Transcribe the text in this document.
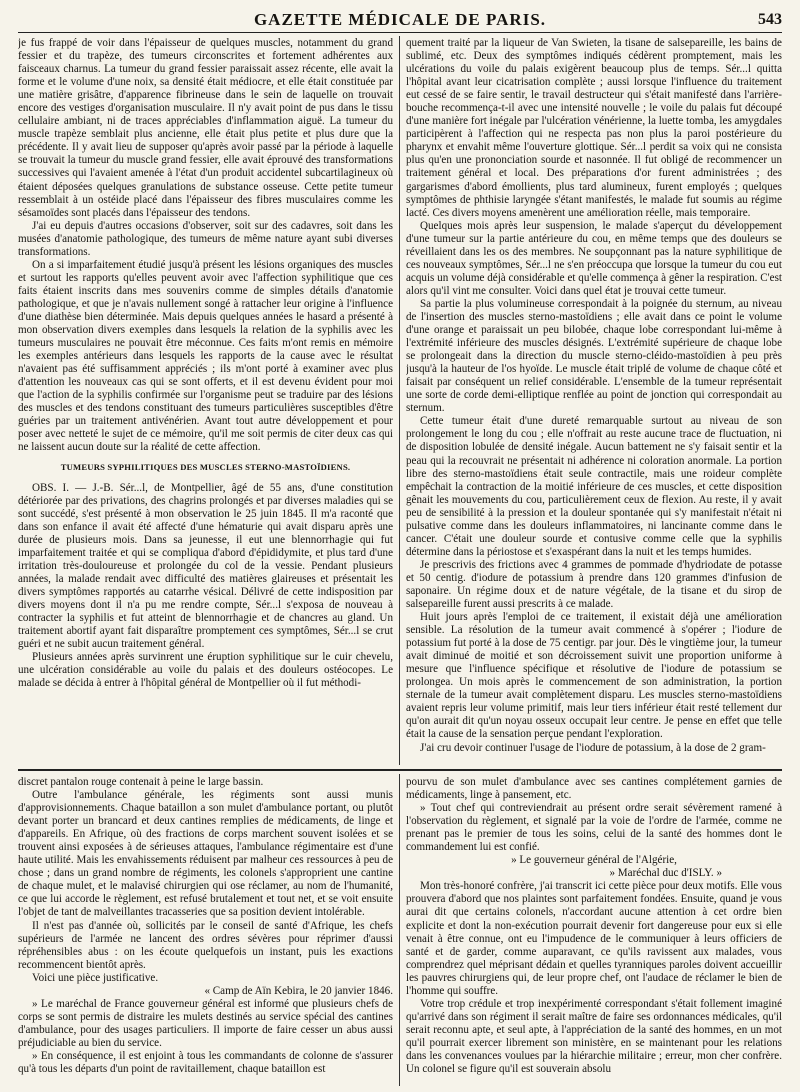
GAZETTE MÉDICALE DE PARIS.	543

je fus frappé de voir dans l'épaisseur de quelques muscles, notamment du grand fessier et du trapèze, des tumeurs circonscrites et fortement adhérentes aux faisceaux charnus. La tumeur du grand fessier paraissait assez récente, elle avait la forme et le volume d'une noix, sa densité était médiocre, et elle était constituée par une matière grisâtre, d'apparence fibrineuse dans le sein de laquelle on trouvait encore des vestiges d'organisation musculaire. Il n'y avait point de pus dans le tissu cellulaire ambiant, ni de traces appréciables d'inflammation aiguë. La tumeur du muscle trapèze semblait plus ancienne, elle était plus petite et plus dure que la précédente. Il y avait lieu de supposer qu'après avoir passé par la période à laquelle se trouvait la tumeur du muscle grand fessier, elle avait éprouvé des transformations successives qui l'avaient amenée à l'état d'un produit accidentel subcartilagineux où étaient déposées quelques granulations de substance osseuse. Cette petite tumeur ressemblait à un ostéide placé dans l'épaisseur des fibres musculaires comme les sésamoïdes sont placés dans l'épaisseur des tendons.

J'ai eu depuis d'autres occasions d'observer, soit sur des cadavres, soit dans les musées d'anatomie pathologique, des tumeurs de même nature ayant subi diverses transformations.

On a si imparfaitement étudié jusqu'à présent les lésions organiques des muscles et surtout les rapports qu'elles peuvent avoir avec l'affection syphilitique que ces faits étaient inscrits dans mes souvenirs comme de simples détails d'anatomie pathologique, et que je n'avais nullement songé à rattacher leur origine à l'influence d'une diathèse bien déterminée. Mais depuis quelques années le hasard a présenté à mon observation divers exemples dans lesquels la relation de la syphilis avec les tumeurs musculaires ne pouvait être méconnue. Ces faits m'ont remis en mémoire les exemples antérieurs dans lesquels les rapports de la cause avec le résultat n'avaient pas été suffisamment appréciés ; ils m'ont porté à examiner avec plus d'attention les nouveaux cas qui se sont offerts, et il est devenu évident pour moi que l'action de la syphilis confirmée sur l'organisme peut se traduire par des lésions des muscles et des tendons constituant des tumeurs particulières susceptibles d'être guéries par un traitement antivénérien. Avant tout autre développement et pour poser avec netteté le sujet de ce mémoire, qu'il me soit permis de citer deux cas qui ne laissent aucun doute sur la réalité de cette affection.

TUMEURS SYPHILITIQUES DES MUSCLES STERNO-MASTOÏDIENS.

OBS. I. — J.-B. Sér...l, de Montpellier, âgé de 55 ans, d'une constitution détériorée par des privations, des chagrins prolongés et par diverses maladies qui se sont succédé, s'est présenté à mon observation le 25 juin 1845. Il m'a raconté que dans son enfance il avait été affecté d'une hématurie qui avait disparu après une durée de plusieurs mois. Dans sa jeunesse, il eut une blennorrhagie qui fut imparfaitement traitée et qui se compliqua d'abord d'épididymite, et plus tard d'une irritation très-douloureuse et prolongée du col de la vessie. Pendant plusieurs années, la malade rendait avec difficulté des matières glaireuses et présentait les divers symptômes rapportés au catarrhe vésical. Délivré de cette indisposition par divers moyens dont il n'a pu me rendre compte, Sér...l s'exposa de nouveau à contracter la syphilis et fut atteint de blennorrhagie et de chancres au gland. Un traitement abortif ayant fait disparaître promptement ces symptômes, Sér...l se crut guéri et ne subit aucun traitement général.

Plusieurs années après survinrent une éruption syphilitique sur le cuir chevelu, une ulcération considérable au voile du palais et des douleurs ostéocopes. Le malade se décida à entrer à l'hôpital général de Montpellier où il fut méthodi-

quement traité par la liqueur de Van Swieten, la tisane de salsepareille, les bains de sublimé, etc. Deux des symptômes indiqués cédèrent promptement, mais les ulcérations du voile du palais exigèrent beaucoup plus de temps. Sér...l quitta l'hôpital avant leur cicatrisation complète ; aussi lorsque l'influence du traitement eut cessé de se faire sentir, le travail destructeur qui s'était manifesté dans l'arrière-bouche recommença-t-il avec une intensité nouvelle ; le voile du palais fut découpé d'une manière fort inégale par l'ulcération vénérienne, la luette tomba, les amygdales participèrent à l'affection qui ne respecta pas non plus la paroi postérieure du pharynx et envahit même l'ouverture glottique. Sér...l perdit sa voix qui ne consista plus qu'en une prononciation sourde et nasonnée. Il fut obligé de recommencer un traitement général et local. Des préparations d'or furent administrées ; des gargarismes d'abord émollients, plus tard alumineux, furent employés ; quelques symptômes de phthisie laryngée s'étant manifestés, le malade fut soumis au régime lacté. Ces divers moyens amenèrent une amélioration réelle, mais temporaire.

Quelques mois après leur suspension, le malade s'aperçut du développement d'une tumeur sur la partie antérieure du cou, en même temps que des douleurs se réveillaient dans les os des membres. Ne soupçonnant pas la nature syphilitique de ces nouveaux symptômes, Sér...l ne s'en préoccupa que lorsque la tumeur du cou eut acquis un volume déjà considérable et qu'elle commença à gêner la respiration. C'est alors qu'il vint me consulter. Voici dans quel état je trouvai cette tumeur.

Sa partie la plus volumineuse correspondait à la poignée du sternum, au niveau de l'insertion des muscles sterno-mastoïdiens ; elle avait dans ce point le volume d'une orange et paraissait un peu bilobée, chaque lobe correspondant lui-même à l'extrémité inférieure des muscles désignés. L'extrémité supérieure de chaque lobe se prolongeait dans la direction du muscle sterno-cléido-mastoïdien à peu près jusqu'à la hauteur de l'os hyoïde. Le muscle était triplé de volume de chaque côté et faisait par conséquent un relief considérable. L'ensemble de la tumeur représentait une sorte de corde demi-elliptique renflée au point de jonction qui correspondait au sternum.

Cette tumeur était d'une dureté remarquable surtout au niveau de son prolongement le long du cou ; elle n'offrait au reste aucune trace de fluctuation, ni de disposition lobulée de densité inégale. Aucun battement ne s'y faisait sentir et la peau qui la recouvrait ne présentait ni adhérence ni coloration anormale. La portion libre des sterno-mastoïdiens était seule contractile, mais une roideur complète empêchait la contraction de la moitié inférieure de ces muscles, et cette disposition gênait les mouvements du cou, particulièrement ceux de flexion. Au reste, il y avait peu de sensibilité à la pression et la douleur spontanée qui s'y manifestait n'était ni pulsative comme dans les douleurs inflammatoires, ni lancinante comme dans le cancer. C'était une douleur sourde et contusive comme celle que la syphilis détermine dans la périostose et s'exaspérant dans la nuit et les temps humides.

Je prescrivis des frictions avec 4 grammes de pommade d'hydriodate de potasse et 50 centig. d'iodure de potassium à prendre dans 120 grammes d'infusion de saponaire. Un régime doux et de nature végétale, de la tisane et du sirop de salsepareille furent aussi prescrits à ce malade.

Huit jours après l'emploi de ce traitement, il existait déjà une amélioration sensible. La résolution de la tumeur avait commencé à s'opérer ; l'iodure de potassium fut porté à la dose de 75 centigr. par jour. Dès le vingtième jour, la tumeur avait diminué de moitié et son décroissement suivit une proportion uniforme à mesure que l'influence spécifique et résolutive de l'iodure de potassium se prolongea. Un mois après le commencement de son administration, la portion sternale de la tumeur avait complètement disparu. Les muscles sterno-mastoïdiens avaient repris leur volume primitif, mais leur tiers inférieur était resté tellement dur qu'on aurait dit qu'un noyau osseux occupait leur centre. Je pense en effet que telle était la cause de la sensation perçue pendant l'exploration.

J'ai cru devoir continuer l'usage de l'iodure de potassium, à la dose de 2 gram-

discret pantalon rouge contenait à peine le large bassin.

Outre l'ambulance générale, les régiments sont aussi munis d'approvisionnements. Chaque bataillon a son mulet d'ambulance portant, ou plutôt devant porter un brancard et deux cantines remplies de médicaments, de linge et d'appareils. En Afrique, où des fractions de corps marchent souvent isolées et se trouvent ainsi exposées à de sérieuses attaques, l'ambulance régimentaire est d'une haute utilité. Mais les envahissements réduisent par malheur ces ressources à peu de chose ; dans un grand nombre de régiments, les colonels s'approprient une cantine de chaque mulet, et le malavisé chirurgien qui ose réclamer, au nom de l'humanité, ce que lui accorde le règlement, est refusé brutalement et tout net, et se voit ensuite l'objet de tant de malveillantes tracasseries que sa position devient intolérable.

Il n'est pas d'année où, sollicités par le conseil de santé d'Afrique, les chefs supérieurs de l'armée ne lancent des ordres sévères pour réprimer d'aussi répréhensibles abus : on les écoute quelquefois un instant, puis les exactions recommencent bientôt après.

Voici une pièce justificative.

« Camp de Aïn Kebira, le 20 janvier 1846.

» Le maréchal de France gouverneur général est informé que plusieurs chefs de corps se sont permis de distraire les mulets destinés au service spécial des cantines d'ambulance, pour des usages particuliers. Il importe de faire cesser un abus aussi préjudiciable au bien du service.

» En conséquence, il est enjoint à tous les commandants de colonne de s'assurer qu'à tous les départs d'un point de ravitaillement, chaque bataillon est

pourvu de son mulet d'ambulance avec ses cantines complétement garnies de médicaments, linge à pansement, etc.

» Tout chef qui contreviendrait au présent ordre serait sévèrement ramené à l'observation du règlement, et signalé par la voie de l'ordre de l'armée, comme ne prenant pas le premier de tous les soins, celui de la santé des hommes dont le commandement lui est confié.

» Le gouverneur général de l'Algérie,

» Maréchal duc d'ISLY. »

Mon très-honoré confrère, j'ai transcrit ici cette pièce pour deux motifs. Elle vous prouvera d'abord que nos plaintes sont parfaitement fondées. Ensuite, quand je vous aurai dit que certains colonels, n'accordant aucune attention à cet ordre bien explicite et dont la non-exécution pourrait devenir fort dangereuse pour eux si elle venait à être connue, ont eu l'impudence de le communiquer à leurs officiers de santé et de garder, comme auparavant, ce qu'ils ravissent aux malades, vous comprendrez quel méprisant dédain et quelles tyranniques paroles doivent accueillir les pauvres chirurgiens qui, de leur propre chef, ont l'audace de réclamer le bien de l'homme qui souffre.

Votre trop crédule et trop inexpérimenté correspondant s'était follement imaginé qu'arrivé dans son régiment il serait maître de faire ses ordonnances médicales, qu'il serait reconnu apte, et seul apte, à l'appréciation de la santé des hommes, en un mot qu'il pourrait exercer librement son ministère, en se maintenant pour les relations dans les convenances voulues par la hiérarchie militaire ; erreur, mon cher confrère. Un colonel se figure qu'il est souverain absolu
